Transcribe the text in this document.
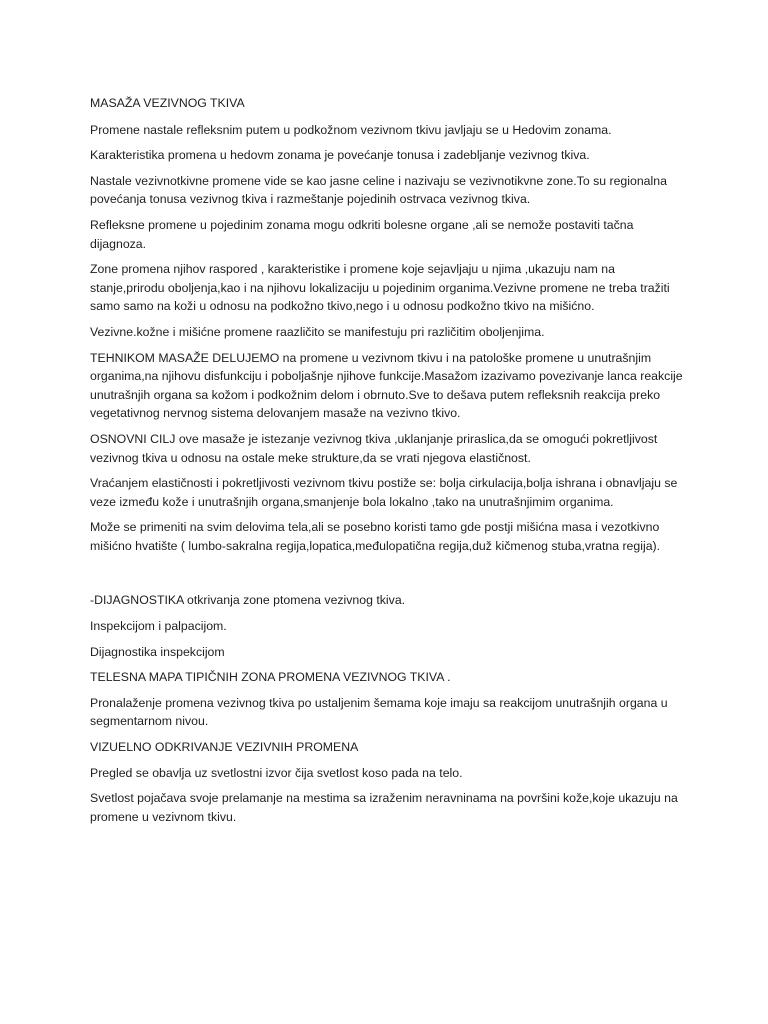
MASAŽA VEZIVNOG TKIVA

Promene nastale refleksnim putem u podkožnom vezivnom tkivu javljaju se u Hedovim zonama.

Karakteristika promena u hedovm zonama je povećanje tonusa i zadebljanje vezivnog tkiva.

Nastale vezivnotkivne promene vide se kao jasne celine i nazivaju se vezivnotikvne zone.To su regionalna povećanja tonusa vezivnog tkiva i razmeštanje pojedinih ostrvaca vezivnog tkiva.

Refleksne promene u pojedinim zonama mogu odkriti bolesne organe ,ali se nemože postaviti tačna dijagnoza.

Zone promena njihov raspored , karakteristike i promene koje sejavljaju u njima ,ukazuju nam na stanje,prirodu oboljenja,kao i na njihovu lokalizaciju u pojedinim organima.Vezivne promene ne treba tražiti samo samo na koži u odnosu na podkožno tkivo,nego i u odnosu podkožno tkivo na mišićno.

Vezivne.kožne i mišićne promene raazličito se manifestuju pri različitim oboljenjima.

TEHNIKOM MASAŽE DELUJEMO na promene u vezivnom tkivu i na patološke promene u unutrašnjim organima,na njihovu disfunkciju i poboljašnje njihove funkcije.Masažom izazivamo povezivanje lanca reakcije unutrašnjih organa sa kožom i podkožnim delom i obrnuto.Sve to dešava putem refleksnih reakcija preko vegetativnog nervnog sistema delovanjem masaže na vezivno tkivo.

OSNOVNI CILJ ove masaže je istezanje vezivnog tkiva ,uklanjanje priraslica,da se omogući pokretljivost vezivnog tkiva u odnosu na ostale meke strukture,da se vrati njegova elastičnost.

Vraćanjem elastičnosti i pokretljivosti vezivnom tkivu postiže se: bolja cirkulacija,bolja ishrana i obnavljaju se veze između kože i unutrašnjih organa,smanjenje bola lokalno ,tako na unutrašnjimim organima.

Može se primeniti na svim delovima tela,ali se posebno koristi tamo gde postji mišićna masa i vezotkivno mišićno hvatište ( lumbo-sakralna regija,lopatica,međulopatična regija,duž kičmenog stuba,vratna regija).

-DIJAGNOSTIKA otkrivanja zone ptomena vezivnog tkiva.

Inspekcijom i palpacijom.

Dijagnostika inspekcijom

TELESNA MAPA TIPIČNIH ZONA PROMENA VEZIVNOG TKIVA .

Pronalaženje promena vezivnog tkiva po ustaljenim šemama koje imaju sa reakcijom unutrašnjih organa u segmentarnom nivou.

VIZUELNO ODKRIVANJE VEZIVNIH PROMENA

Pregled se obavlja uz svetlostni izvor čija svetlost koso pada na telo.

Svetlost pojačava svoje prelamanje na mestima sa izraženim neravninama na površini kože,koje ukazuju na promene u vezivnom tkivu.
